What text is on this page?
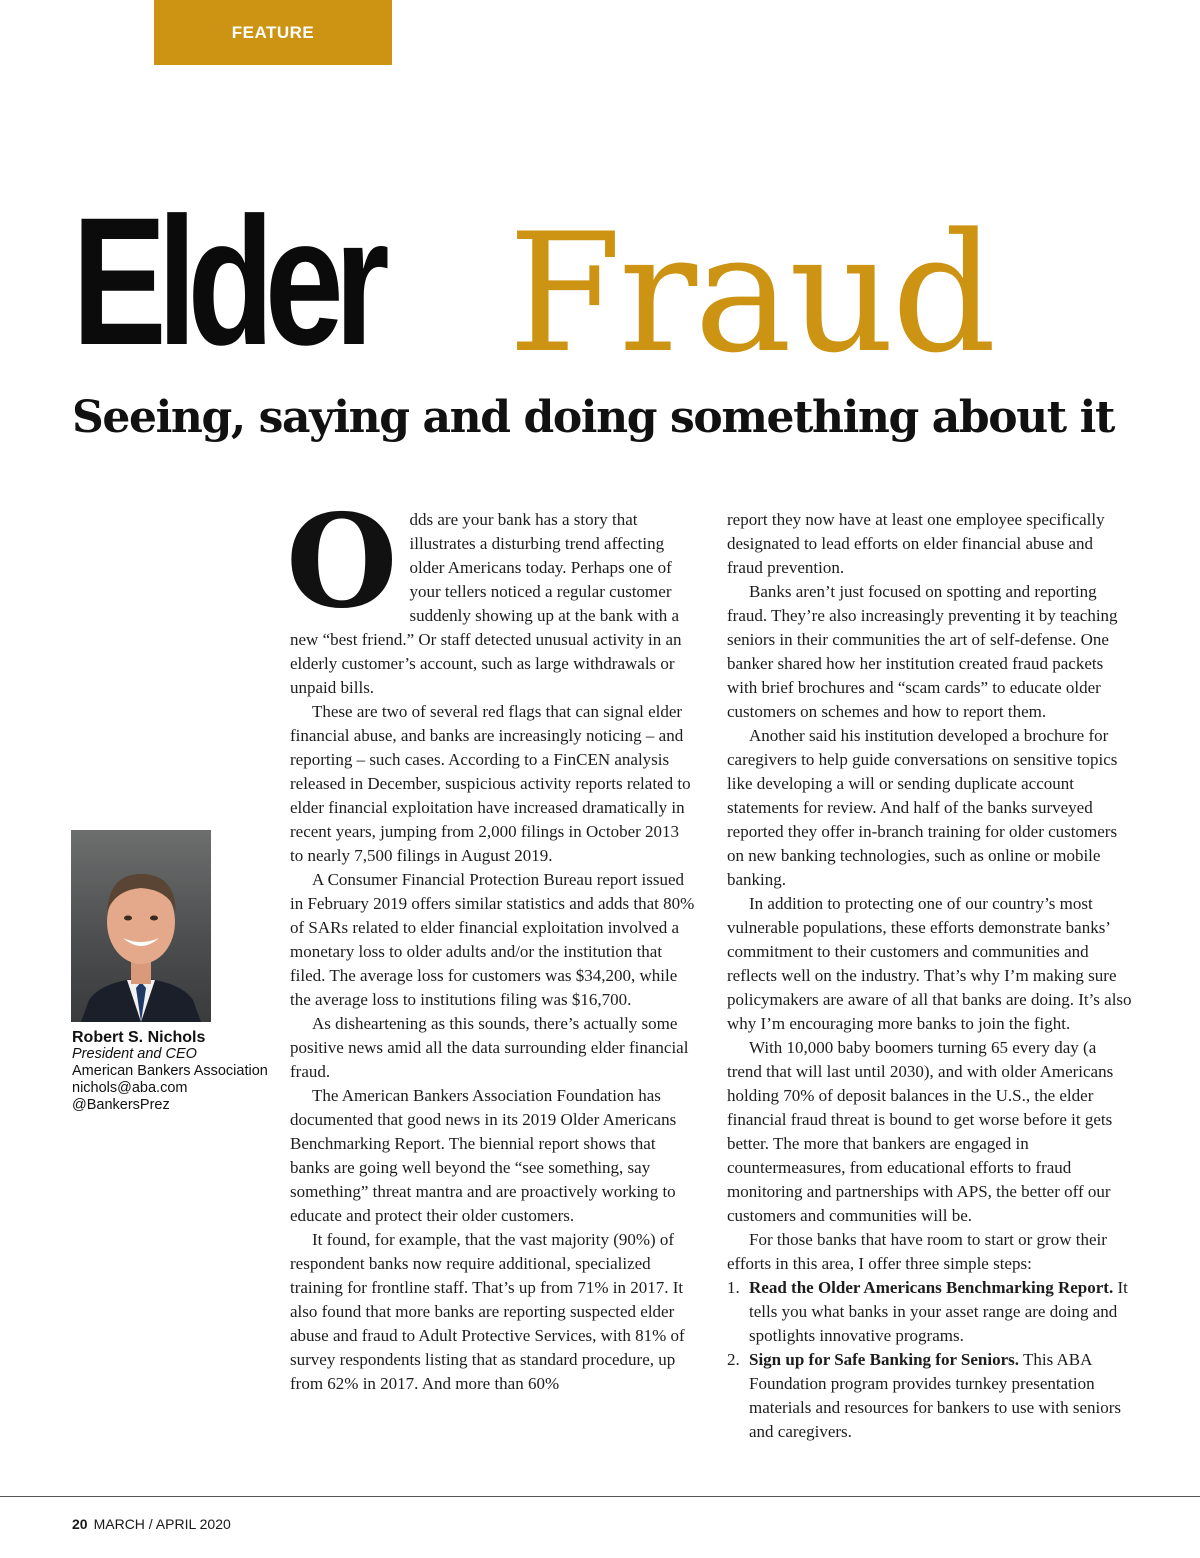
FEATURE
Elder Fraud
Seeing, saying and doing something about it
Robert S. Nichols
President and CEO
American Bankers Association
nichols@aba.com
@BankersPrez

Odds are your bank has a story that illustrates a disturbing trend affecting older Americans today. Perhaps one of your tellers noticed a regular customer suddenly showing up at the bank with a new “best friend.” Or staff detected unusual activity in an elderly customer’s account, such as large withdrawals or unpaid bills.

These are two of several red flags that can signal elder financial abuse, and banks are increasingly noticing – and reporting – such cases. According to a FinCEN analysis released in December, suspicious activity reports related to elder financial exploitation have increased dramatically in recent years, jumping from 2,000 filings in October 2013 to nearly 7,500 filings in August 2019.

A Consumer Financial Protection Bureau report issued in February 2019 offers similar statistics and adds that 80% of SARs related to elder financial exploitation involved a monetary loss to older adults and/or the institution that filed. The average loss for customers was $34,200, while the average loss to institutions filing was $16,700.

As disheartening as this sounds, there’s actually some positive news amid all the data surrounding elder financial fraud.

The American Bankers Association Foundation has documented that good news in its 2019 Older Americans Benchmarking Report. The biennial report shows that banks are going well beyond the “see something, say something” threat mantra and are proactively working to educate and protect their older customers.

It found, for example, that the vast majority (90%) of respondent banks now require additional, specialized training for frontline staff. That’s up from 71% in 2017. It also found that more banks are reporting suspected elder abuse and fraud to Adult Protective Services, with 81% of survey respondents listing that as standard procedure, up from 62% in 2017. And more than 60%

report they now have at least one employee specifically designated to lead efforts on elder financial abuse and fraud prevention.

Banks aren’t just focused on spotting and reporting fraud. They’re also increasingly preventing it by teaching seniors in their communities the art of self-defense. One banker shared how her institution created fraud packets with brief brochures and “scam cards” to educate older customers on schemes and how to report them.

Another said his institution developed a brochure for caregivers to help guide conversations on sensitive topics like developing a will or sending duplicate account statements for review. And half of the banks surveyed reported they offer in-branch training for older customers on new banking technologies, such as online or mobile banking.

In addition to protecting one of our country’s most vulnerable populations, these efforts demonstrate banks’ commitment to their customers and communities and reflects well on the industry. That’s why I’m making sure policymakers are aware of all that banks are doing. It’s also why I’m encouraging more banks to join the fight.

With 10,000 baby boomers turning 65 every day (a trend that will last until 2030), and with older Americans holding 70% of deposit balances in the U.S., the elder financial fraud threat is bound to get worse before it gets better. The more that bankers are engaged in countermeasures, from educational efforts to fraud monitoring and partnerships with APS, the better off our customers and communities will be.

For those banks that have room to start or grow their efforts in this area, I offer three simple steps:

1. Read the Older Americans Benchmarking Report. It tells you what banks in your asset range are doing and spotlights innovative programs.
2. Sign up for Safe Banking for Seniors. This ABA Foundation program provides turnkey presentation materials and resources for bankers to use with seniors and caregivers.
20 MARCH / APRIL 2020
